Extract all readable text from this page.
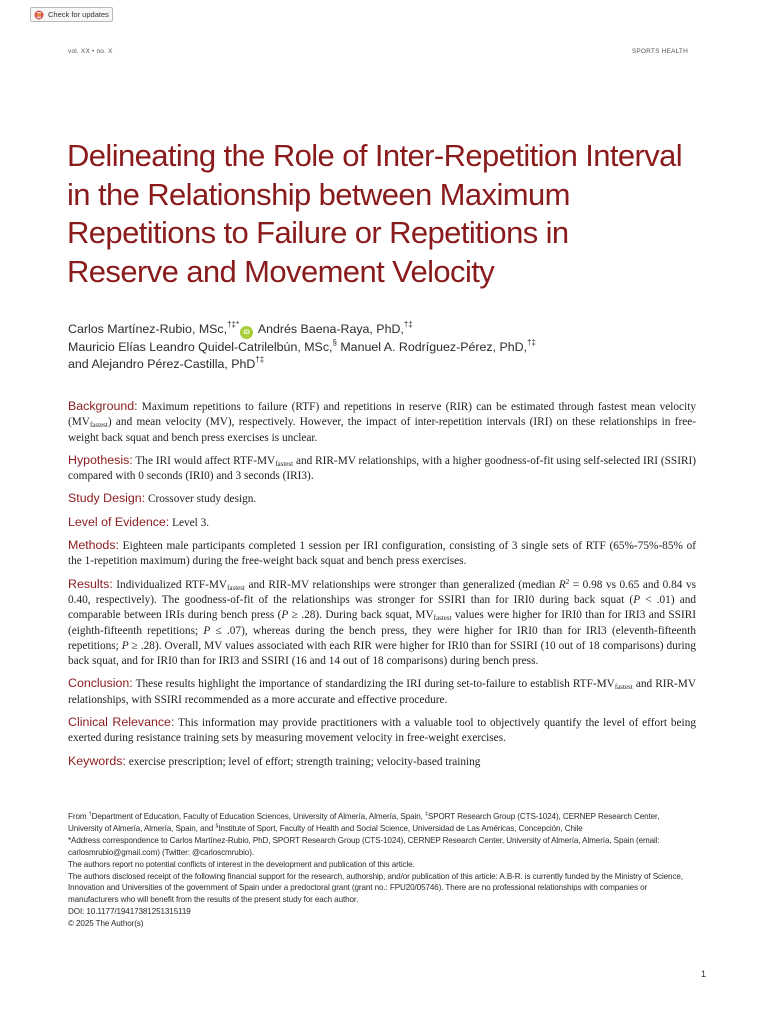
Check for updates
vol. XX • no. X	SPORTS HEALTH
Delineating the Role of Inter-Repetition Interval in the Relationship between Maximum Repetitions to Failure or Repetitions in Reserve and Movement Velocity
Carlos Martínez-Rubio, MSc,†‡*iD Andrés Baena-Raya, PhD,†‡
Mauricio Elías Leandro Quidel-Catrilelbún, MSc,§ Manuel A. Rodríguez-Pérez, PhD,†‡
and Alejandro Pérez-Castilla, PhD†‡

Background: Maximum repetitions to failure (RTF) and repetitions in reserve (RIR) can be estimated through fastest mean velocity $(MV_{fastest})$ and mean velocity (MV), respectively. However, the impact of inter-repetition intervals (IRI) on these relationships in free-weight back squat and bench press exercises is unclear.

Hypothesis: The IRI would affect RTF-$MV_{fastest}$ and RIR-MV relationships, with a higher goodness-of-fit using self-selected IRI (SSIRI) compared with 0 seconds (IRI0) and 3 seconds (IRI3).

Study Design: Crossover study design.

Level of Evidence: Level 3.

Methods: Eighteen male participants completed 1 session per IRI configuration, consisting of 3 single sets of RTF (65%-75%-85% of the 1-repetition maximum) during the free-weight back squat and bench press exercises.

Results: Individualized RTF-$MV_{fastest}$ and RIR-MV relationships were stronger than generalized (median $R^2 = 0.98$ vs 0.65 and 0.84 vs 0.40, respectively). The goodness-of-fit of the relationships was stronger for SSIRI than for IRI0 during back squat (P < .01) and comparable between IRIs during bench press (P ≥ .28). During back squat, $MV_{fastest}$ values were higher for IRI0 than for IRI3 and SSIRI (eighth-fifteenth repetitions; P ≤ .07), whereas during the bench press, they were higher for IRI0 than for IRI3 (eleventh-fifteenth repetitions; P ≥ .28). Overall, MV values associated with each RIR were higher for IRI0 than for SSIRI (10 out of 18 comparisons) during back squat, and for IRI0 than for IRI3 and SSIRI (16 and 14 out of 18 comparisons) during bench press.

Conclusion: These results highlight the importance of standardizing the IRI during set-to-failure to establish RTF-$MV_{fastest}$ and RIR-MV relationships, with SSIRI recommended as a more accurate and effective procedure.

Clinical Relevance: This information may provide practitioners with a valuable tool to objectively quantify the level of effort being exerted during resistance training sets by measuring movement velocity in free-weight exercises.

Keywords: exercise prescription; level of effort; strength training; velocity-based training

From †Department of Education, Faculty of Education Sciences, University of Almería, Almería, Spain, ‡SPORT Research Group (CTS-1024), CERNEP Research Center, University of Almería, Almería, Spain, and §Institute of Sport, Faculty of Health and Social Science, Universidad de Las Américas, Concepción, Chile

*Address correspondence to Carlos Martínez-Rubio, PhD, SPORT Research Group (CTS-1024), CERNEP Research Center, University of Almería, Almería, Spain (email: carlosmrubio@gmail.com) (Twitter: @carloscmrubio).

The authors report no potential conflicts of interest in the development and publication of this article.

The authors disclosed receipt of the following financial support for the research, authorship, and/or publication of this article: A.B-R. is currently funded by the Ministry of Science, Innovation and Universities of the government of Spain under a predoctoral grant (grant no.: FPU20/05746). There are no professional relationships with companies or manufacturers who will benefit from the results of the present study for each author.

DOI: 10.1177/19417381251315119

© 2025 The Author(s)

1
